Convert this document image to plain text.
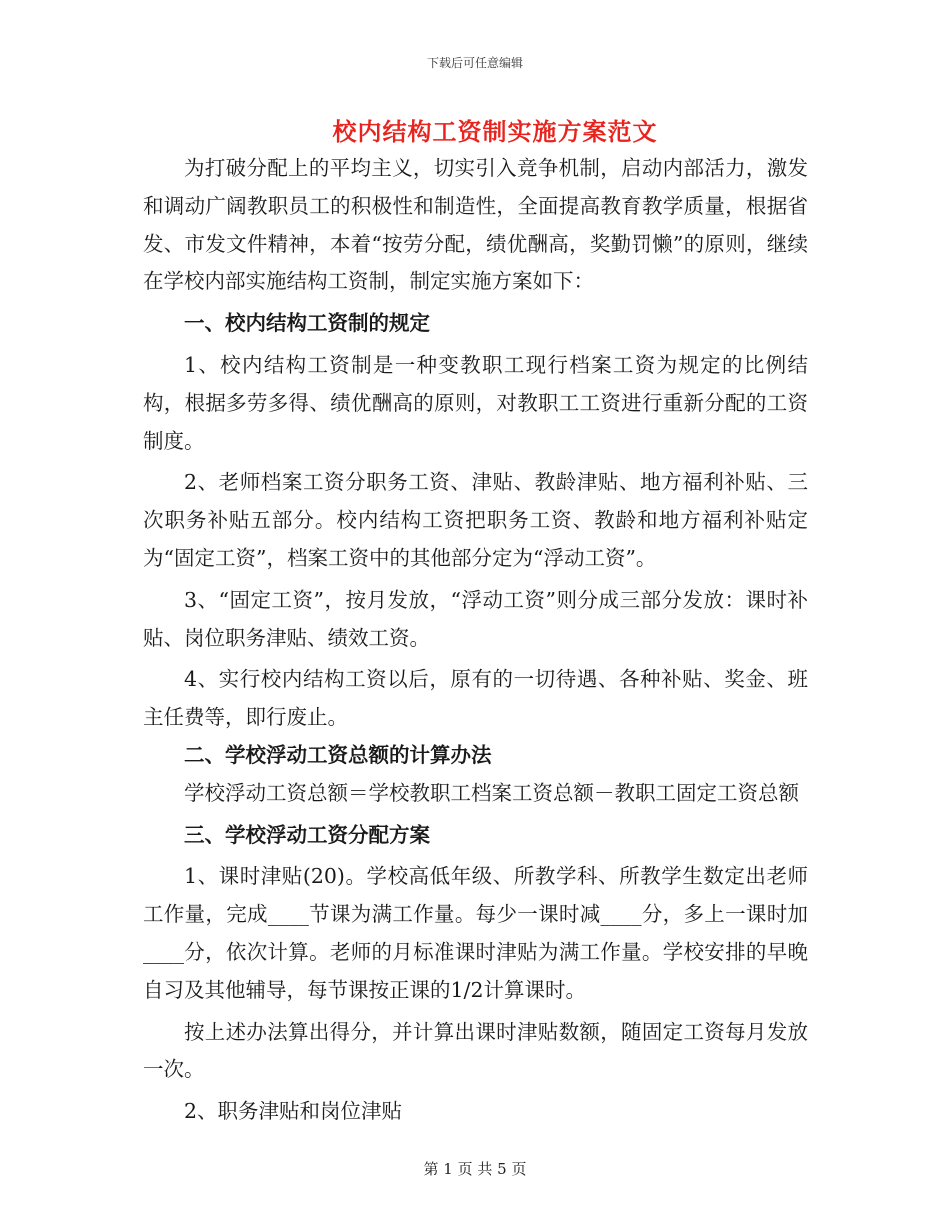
下载后可任意编辑
校内结构工资制实施方案范文

为打破分配上的平均主义，切实引入竞争机制，启动内部活力，激发和调动广阔教职员工的积极性和制造性，全面提高教育教学质量，根据省发、市发文件精神，本着“按劳分配，绩优酬高，奖勤罚懒”的原则，继续在学校内部实施结构工资制，制定实施方案如下：

一、校内结构工资制的规定

1、校内结构工资制是一种变教职工现行档案工资为规定的比例结构，根据多劳多得、绩优酬高的原则，对教职工工资进行重新分配的工资制度。

2、老师档案工资分职务工资、津贴、教龄津贴、地方福利补贴、三次职务补贴五部分。校内结构工资把职务工资、教龄和地方福利补贴定为“固定工资”，档案工资中的其他部分定为“浮动工资”。

3、“固定工资”，按月发放，“浮动工资”则分成三部分发放：课时补贴、岗位职务津贴、绩效工资。

4、实行校内结构工资以后，原有的一切待遇、各种补贴、奖金、班主任费等，即行废止。

二、学校浮动工资总额的计算办法

学校浮动工资总额＝学校教职工档案工资总额－教职工固定工资总额

三、学校浮动工资分配方案

1、课时津贴(20)。学校高低年级、所教学科、所教学生数定出老师工作量，完成____节课为满工作量。每少一课时减____分，多上一课时加____分，依次计算。老师的月标准课时津贴为满工作量。学校安排的早晚自习及其他辅导，每节课按正课的1/2计算课时。

按上述办法算出得分，并计算出课时津贴数额，随固定工资每月发放一次。

2、职务津贴和岗位津贴

第 1 页 共 5 页
